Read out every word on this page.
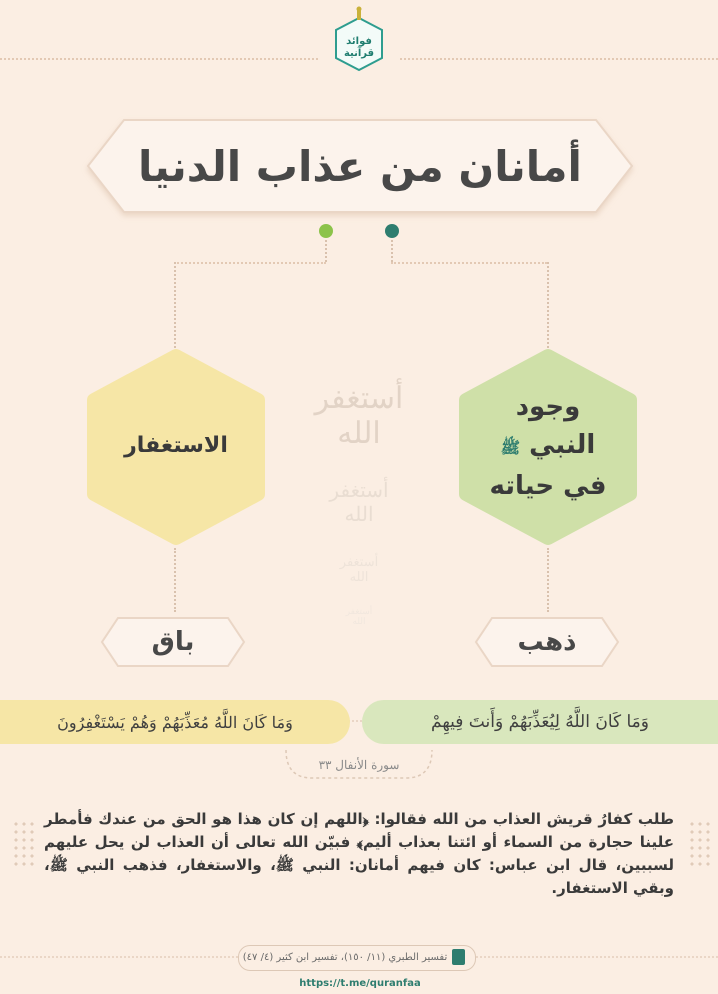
فوائد قرآنية
أمانان من عذاب الدنيا
وجود
النبي ﷺ
في حياته
الاستغفار
أستغفر الله
أستغفر الله
أستغفر الله
أستغفر الله
ذهب
باق
وَمَا كَانَ اللَّهُ لِيُعَذِّبَهُمْ وَأَنتَ فِيهِمْ
وَمَا كَانَ اللَّهُ مُعَذِّبَهُمْ وَهُمْ يَسْتَغْفِرُونَ
سورة الأنفال ٣٣
طلب كفارُ قريش العذاب من الله فقالوا: ﴿اللهم إن كان هذا هو الحق من عندك فأمطر علينا حجارة من السماء أو ائتنا بعذاب أليم﴾ فبيّن الله تعالى أن العذاب لن يحل عليهم لسببين، قال ابن عباس: كان فيهم أمانان: النبي ﷺ، والاستغفار، فذهب النبي ﷺ، وبقي الاستغفار.
تفسير الطبري (١١/ ١٥٠)، تفسير ابن كثير (٤/ ٤٧)
https://t.me/quranfaa
